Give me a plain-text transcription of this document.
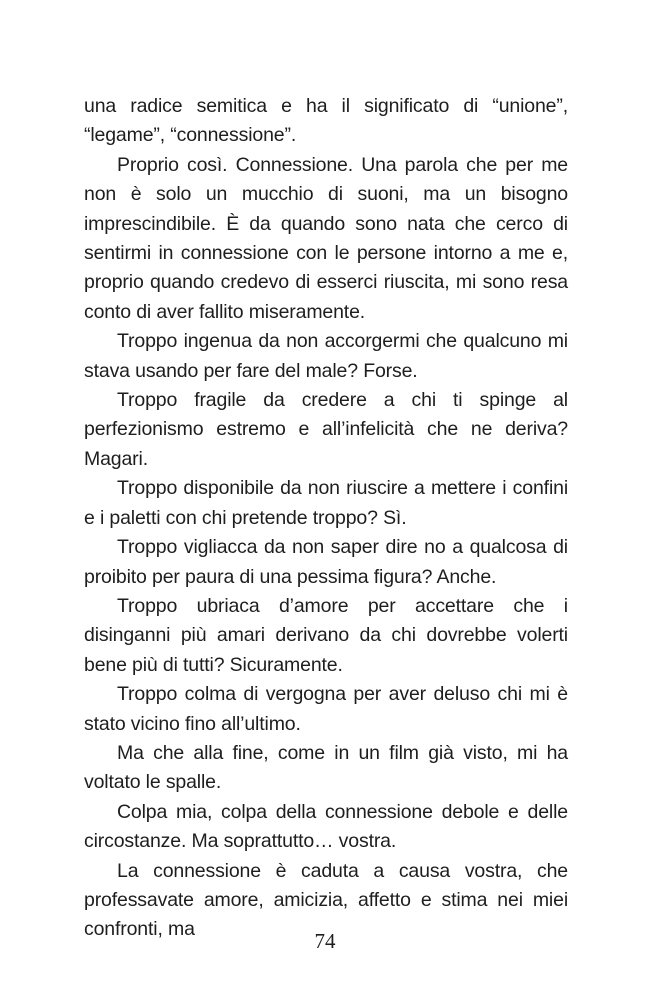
una radice semitica e ha il significato di “unione”, “legame”, “connessione”.

Proprio così. Connessione. Una parola che per me non è solo un mucchio di suoni, ma un bisogno imprescindibile. È da quando sono nata che cerco di sentirmi in connessione con le persone intorno a me e, proprio quando credevo di esserci riuscita, mi sono resa conto di aver fallito miseramente.

Troppo ingenua da non accorgermi che qualcuno mi stava usando per fare del male? Forse.

Troppo fragile da credere a chi ti spinge al perfezionismo estremo e all’infelicità che ne deriva? Magari.

Troppo disponibile da non riuscire a mettere i confini e i paletti con chi pretende troppo? Sì.

Troppo vigliacca da non saper dire no a qualcosa di proibito per paura di una pessima figura? Anche.

Troppo ubriaca d’amore per accettare che i disinganni più amari derivano da chi dovrebbe volerti bene più di tutti? Sicuramente.

Troppo colma di vergogna per aver deluso chi mi è stato vicino fino all’ultimo.

Ma che alla fine, come in un film già visto, mi ha voltato le spalle.

Colpa mia, colpa della connessione debole e delle circostanze. Ma soprattutto… vostra.

La connessione è caduta a causa vostra, che professavate amore, amicizia, affetto e stima nei miei confronti, ma	74
